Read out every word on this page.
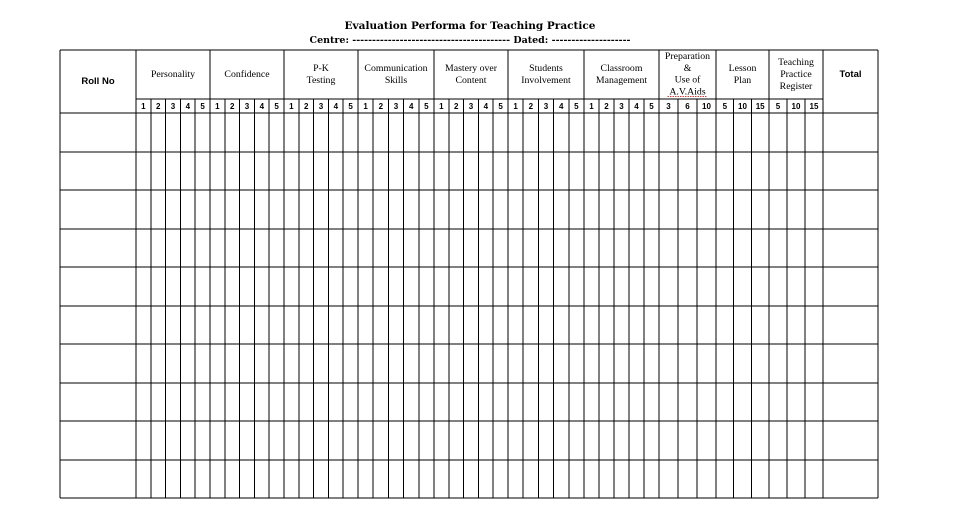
Evaluation Performa for Teaching Practice
Centre: ---------------------------------------- Dated: --------------------
Roll No
Total
Personality
1 2 3 4 5
Confidence
1 2 3 4 5
P-K
Testing
1 2 3 4 5
Communication
Skills
1 2 3 4 5
Mastery over
Content
1 2 3 4 5
Students
Involvement
1 2 3 4 5
Classroom
Management
1 2 3 4 5
Preparation
&
Use of
A.V.Aids
3 6 10
Lesson
Plan
5 10 15
Teaching
Practice
Register
5 10 15
